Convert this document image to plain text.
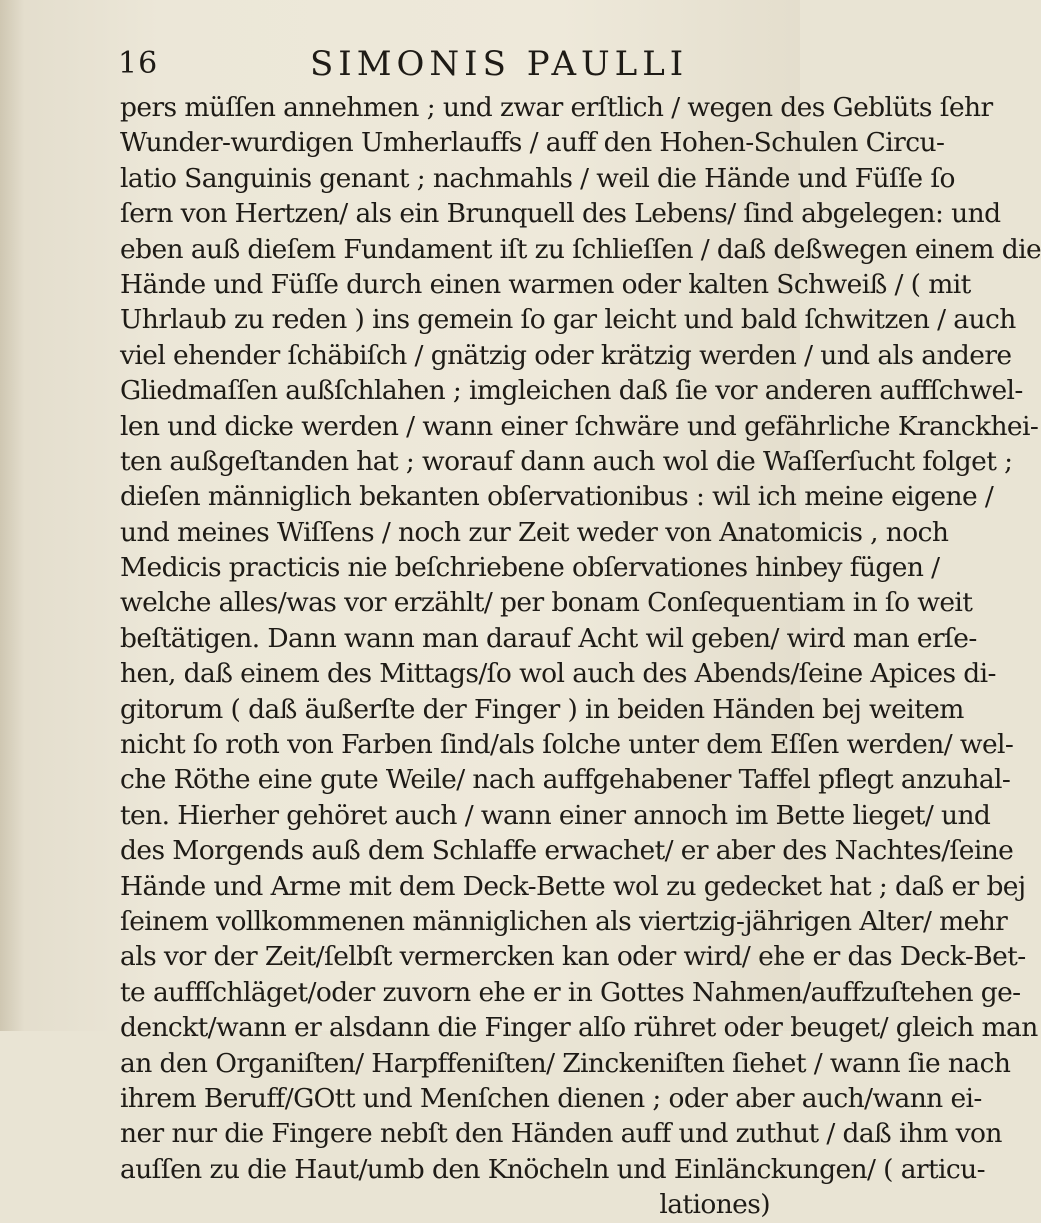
16	SIMONIS PAULLI
pers müſſen annehmen ; und zwar erſtlich / wegen des Geblüts ſehr
Wunder-wurdigen Umherlauffs / auff den Hohen-Schulen Circu-
latio Sanguinis genant ; nachmahls / weil die Hände und Füſſe ſo
ſern von Hertzen/ als ein Brunquell des Lebens/ ſind abgelegen: und
eben auß dieſem Fundament iſt zu ſchlieſſen / daß deßwegen einem die
Hände und Füſſe durch einen warmen oder kalten Schweiß / ( mit
Uhrlaub zu reden ) ins gemein ſo gar leicht und bald ſchwitzen / auch
viel ehender ſchäbiſch / gnätzig oder krätzig werden / und als andere
Gliedmaſſen außſchlahen ; imgleichen daß ſie vor anderen auffſchwel-
len und dicke werden / wann einer ſchwäre und gefährliche Kranckhei-
ten außgeſtanden hat ; worauf dann auch wol die Waſſerſucht folget ;
dieſen männiglich bekanten obſervationibus : wil ich meine eigene /
und meines Wiſſens / noch zur Zeit weder von Anatomicis , noch
Medicis practicis nie beſchriebene obſervationes hinbey fügen /
welche alles/was vor erzählt/ per bonam Conſequentiam in ſo weit
beſtätigen. Dann wann man darauf Acht wil geben/ wird man erſe-
hen, daß einem des Mittags/ſo wol auch des Abends/ſeine Apices di-
gitorum ( daß äußerſte der Finger ) in beiden Händen bej weitem
nicht ſo roth von Farben ſind/als ſolche unter dem Eſſen werden/ wel-
che Röthe eine gute Weile/ nach auffgehabener Taffel pflegt anzuhal-
ten. Hierher gehöret auch / wann einer annoch im Bette lieget/ und
des Morgends auß dem Schlaffe erwachet/ er aber des Nachtes/ſeine
Hände und Arme mit dem Deck-Bette wol zu gedecket hat ; daß er bej
ſeinem vollkommenen männiglichen als viertzig-jährigen Alter/ mehr
als vor der Zeit/ſelbſt vermercken kan oder wird/ ehe er das Deck-Bet-
te auffſchläget/oder zuvorn ehe er in Gottes Nahmen/auffzuſtehen ge-
denckt/wann er alsdann die Finger alſo rühret oder beuget/ gleich man
an den Organiſten/ Harpffeniſten/ Zinckeniſten ſiehet / wann ſie nach
ihrem Beruff/GOtt und Menſchen dienen ; oder aber auch/wann ei-
ner nur die Fingere nebſt den Händen auff und zuthut / daß ihm von
auſſen zu die Haut/umb den Knöcheln und Einlänckungen/ ( articu-
lationes)
